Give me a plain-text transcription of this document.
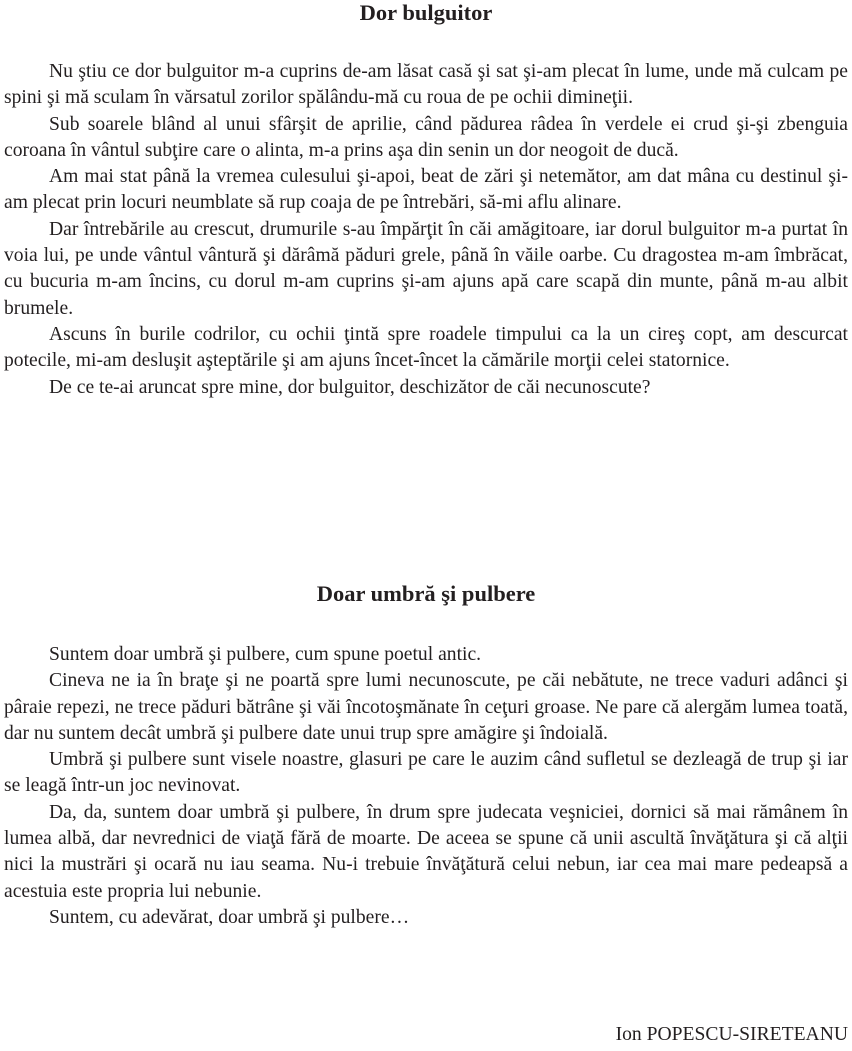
Dor bulguitor

Nu ştiu ce dor bulguitor m-a cuprins de-am lăsat casă şi sat şi-am plecat în lume, unde mă culcam pe spini şi mă sculam în vărsatul zorilor spălându-mă cu roua de pe ochii dimineţii.

Sub soarele blând al unui sfârşit de aprilie, când pădurea râdea în verdele ei crud şi-şi zbenguia coroana în vântul subţire care o alinta, m-a prins aşa din senin un dor neogoit de ducă.

Am mai stat până la vremea culesului şi-apoi, beat de zări şi netemător, am dat mâna cu destinul şi-am plecat prin locuri neumblate să rup coaja de pe întrebări, să-mi aflu alinare.

Dar întrebările au crescut, drumurile s-au împărţit în căi amăgitoare, iar dorul bulguitor m-a purtat în voia lui, pe unde vântul vântură şi dărâmă păduri grele, până în văile oarbe. Cu dragostea m-am îmbrăcat, cu bucuria m-am încins, cu dorul m-am cuprins şi-am ajuns apă care scapă din munte, până m-au albit brumele.

Ascuns în burile codrilor, cu ochii ţintă spre roadele timpului ca la un cireş copt, am descurcat potecile, mi-am desluşit aşteptările şi am ajuns încet-încet la cămările morţii celei statornice.

De ce te-ai aruncat spre mine, dor bulguitor, deschizător de căi necunoscute?

Doar umbră şi pulbere

Suntem doar umbră şi pulbere, cum spune poetul antic.

Cineva ne ia în braţe şi ne poartă spre lumi necunoscute, pe căi nebătute, ne trece vaduri adânci şi pâraie repezi, ne trece păduri bătrâne şi văi încotoşmănate în ceţuri groase. Ne pare că alergăm lumea toată, dar nu suntem decât umbră şi pulbere date unui trup spre amăgire şi îndoială.

Umbră şi pulbere sunt visele noastre, glasuri pe care le auzim când sufletul se dezleagă de trup şi iar se leagă într-un joc nevinovat.

Da, da, suntem doar umbră şi pulbere, în drum spre judecata veşniciei, dornici să mai rămânem în lumea albă, dar nevrednici de viaţă fără de moarte. De aceea se spune că unii ascultă învăţătura şi că alţii nici la mustrări şi ocară nu iau seama. Nu-i trebuie învăţătură celui nebun, iar cea mai mare pedeapsă a acestuia este propria lui nebunie.

Suntem, cu adevărat, doar umbră şi pulbere…

Ion POPESCU-SIRETEANU
